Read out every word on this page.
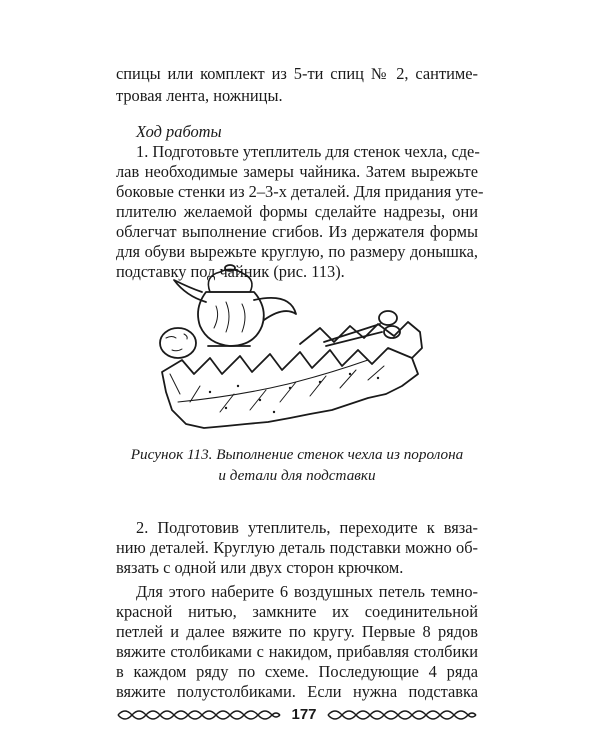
спицы или комплект из 5-ти спиц № 2, сантиме-
тровая лента, ножницы.
Ход работы
1. Подготовьте утеплитель для стенок чехла, сде-
лав необходимые замеры чайника. Затем вырежьте
боковые стенки из 2–3-х деталей. Для придания уте-
плителю желаемой формы сделайте надрезы, они
облегчат выполнение сгибов. Из держателя формы
для обуви вырежьте круглую, по размеру донышка,
подставку под чайник (рис. 113).
Рисунок 113. Выполнение стенок чехла из поролона
и детали для подставки
2. Подготовив утеплитель, переходите к вяза-
нию деталей. Круглую деталь подставки можно об-
вязать с одной или двух сторон крючком.
Для этого наберите 6 воздушных петель темно-
красной нитью, замкните их соединительной
петлей и далее вяжите по кругу. Первые 8 рядов
вяжите столбиками с накидом, прибавляя столбики
в каждом ряду по схеме. Последующие 4 ряда
вяжите полустолбиками. Если нужна подставка
177
